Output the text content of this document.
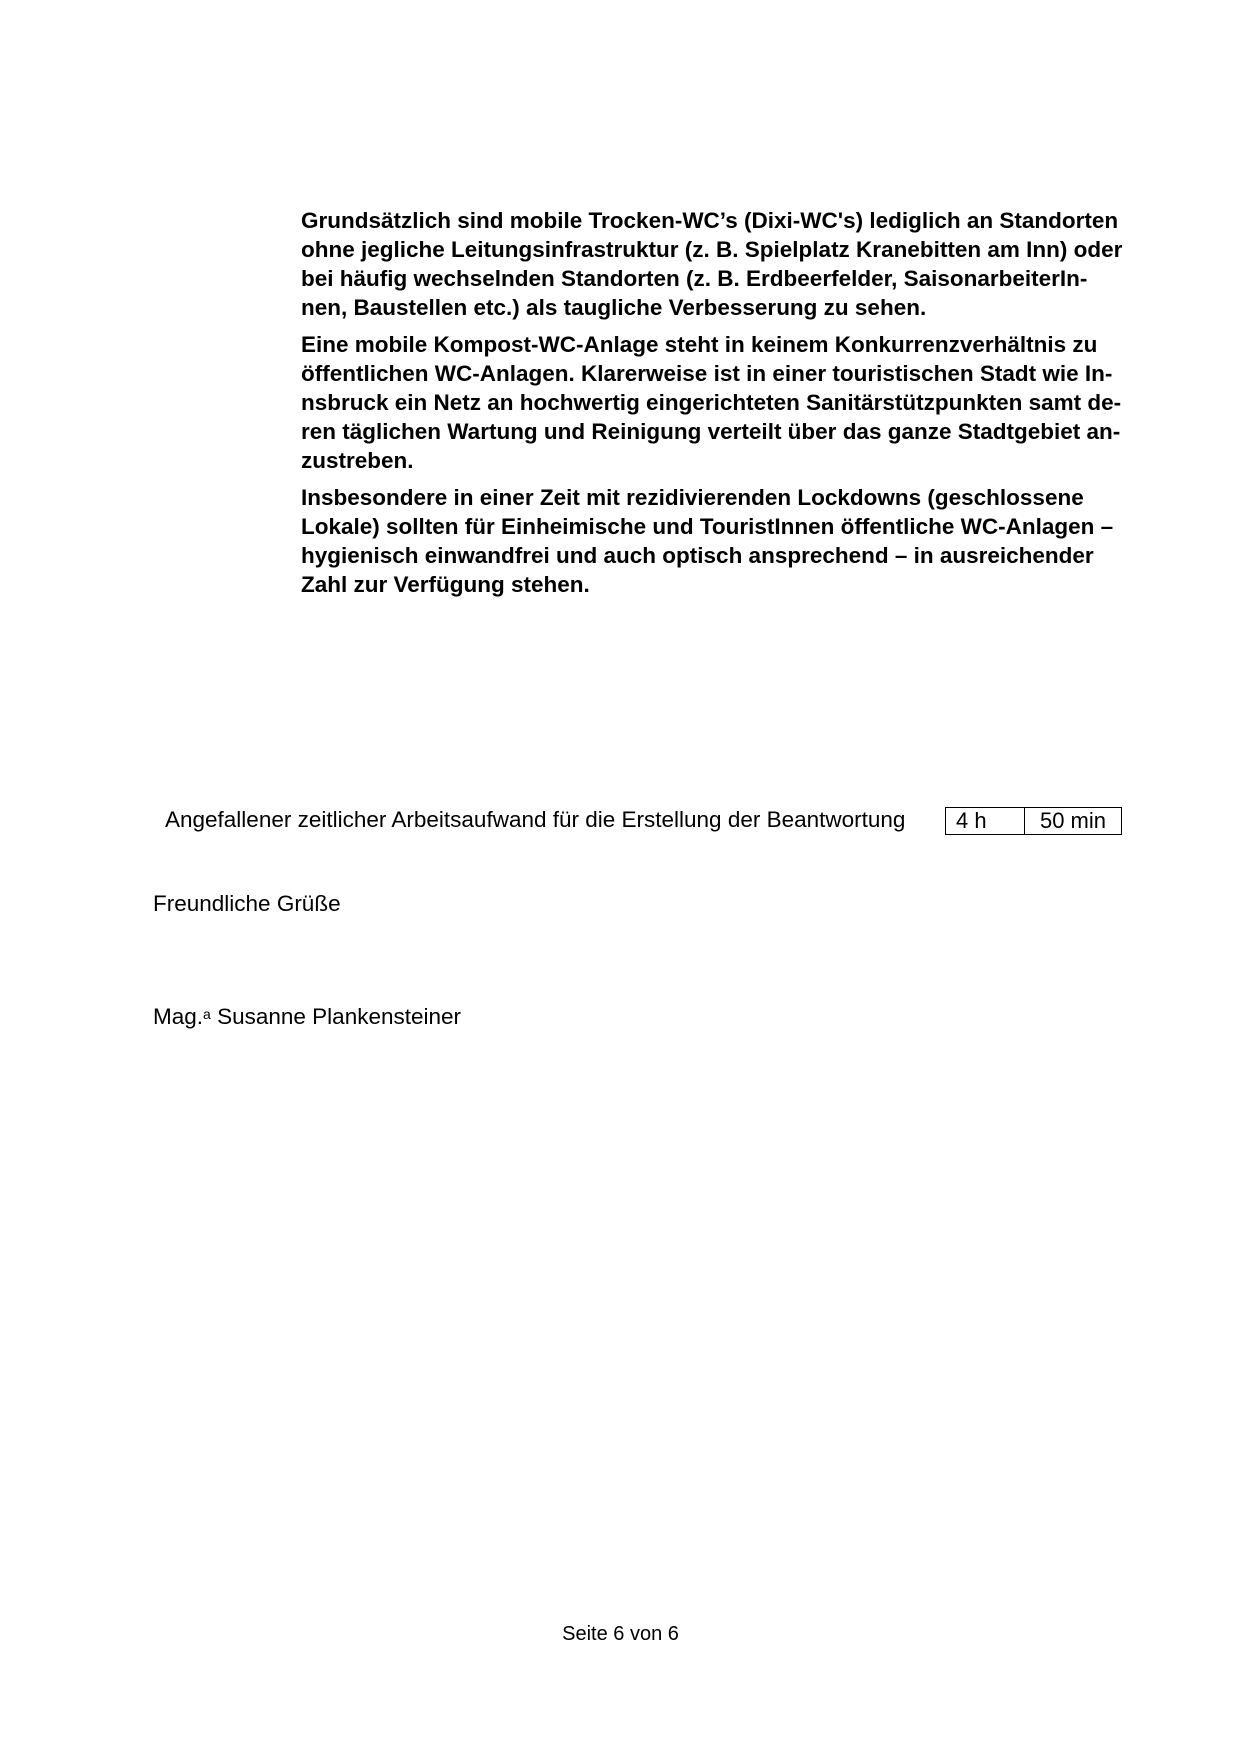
Grundsätzlich sind mobile Trocken-WC’s (Dixi-WC's) lediglich an Standorten
ohne jegliche Leitungsinfrastruktur (z. B. Spielplatz Kranebitten am Inn) oder
bei häufig wechselnden Standorten (z. B. Erdbeerfelder, SaisonarbeiterIn-
nen, Baustellen etc.) als taugliche Verbesserung zu sehen.

Eine mobile Kompost-WC-Anlage steht in keinem Konkurrenzverhältnis zu
öffentlichen WC-Anlagen. Klarerweise ist in einer touristischen Stadt wie In-
nsbruck ein Netz an hochwertig eingerichteten Sanitärstützpunkten samt de-
ren täglichen Wartung und Reinigung verteilt über das ganze Stadtgebiet an-
zustreben.

Insbesondere in einer Zeit mit rezidivierenden Lockdowns (geschlossene
Lokale) sollten für Einheimische und TouristInnen öffentliche WC-Anlagen –
hygienisch einwandfrei und auch optisch ansprechend – in ausreichender
Zahl zur Verfügung stehen.

Angefallener zeitlicher Arbeitsaufwand für die Erstellung der Beantwortung	4 h	50 min
Freundliche Grüße
Mag.$^a$ Susanne Plankensteiner
Seite 6 von 6
